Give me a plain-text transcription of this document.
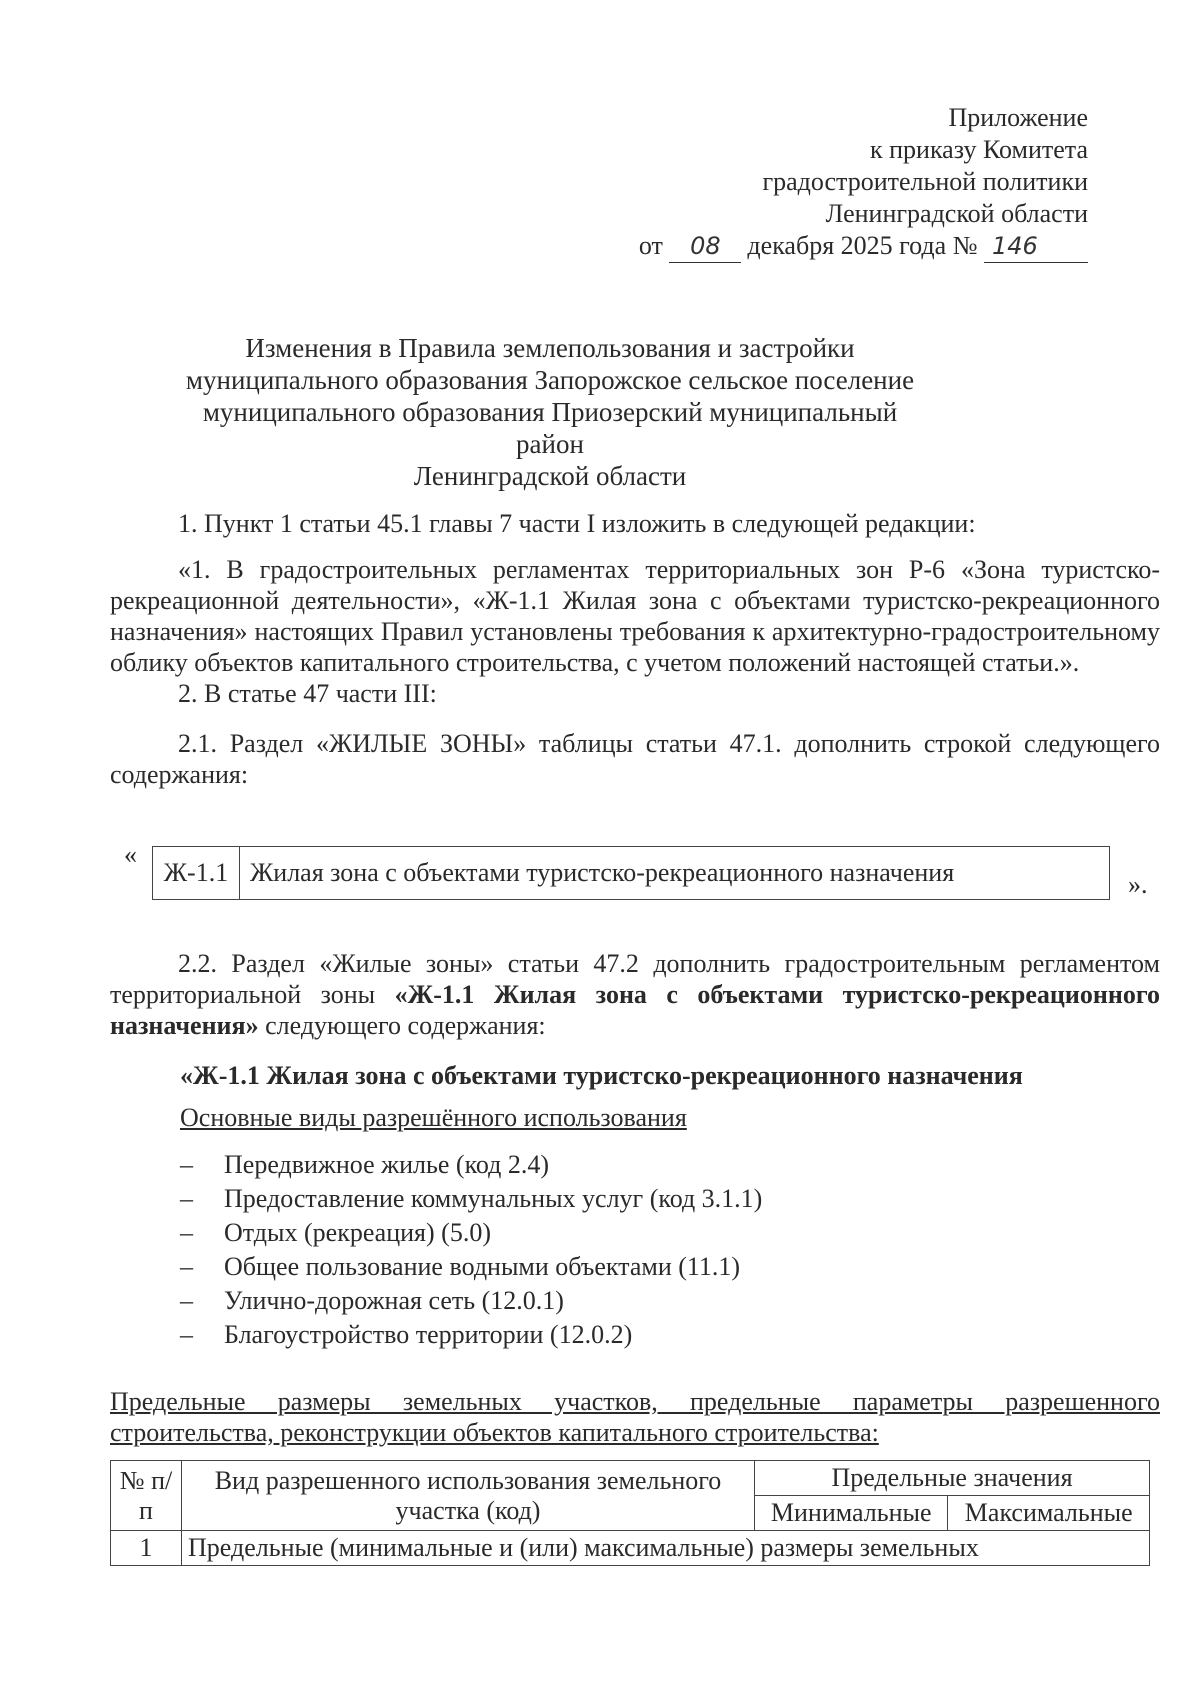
Приложение
к приказу Комитета
градостроительной политики
Ленинградской области
от 08 декабря 2025 года № 146
Изменения в Правила землепользования и застройки
муниципального образования Запорожское сельское поселение
муниципального образования Приозерский муниципальный район
Ленинградской области
1. Пункт 1 статьи 45.1 главы 7 части I изложить в следующей редакции:
«1. В градостроительных регламентах территориальных зон Р-6 «Зона туристско-рекреационной деятельности», «Ж-1.1 Жилая зона с объектами туристско-рекреационного назначения» настоящих Правил установлены требования к архитектурно-градостроительному облику объектов капитального строительства, с учетом положений настоящей статьи.».
2. В статье 47 части III:
2.1. Раздел «ЖИЛЫЕ ЗОНЫ» таблицы статьи 47.1. дополнить строкой следующего содержания:
«
Ж-1.1	Жилая зона с объектами туристско-рекреационного назначения	».
2.2. Раздел «Жилые зоны» статьи 47.2 дополнить градостроительным регламентом территориальной зоны «Ж-1.1 Жилая зона с объектами туристско-рекреационного назначения» следующего содержания:
«Ж-1.1 Жилая зона с объектами туристско-рекреационного назначения
Основные виды разрешённого использования
– Передвижное жилье (код 2.4)
– Предоставление коммунальных услуг (код 3.1.1)
– Отдых (рекреация) (5.0)
– Общее пользование водными объектами (11.1)
– Улично-дорожная сеть (12.0.1)
– Благоустройство территории (12.0.2)
Предельные размеры земельных участков, предельные параметры разрешенного строительства, реконструкции объектов капитального строительства:
№ п/п	Вид разрешенного использования земельного участка (код)	Предельные значения	
		Минимальные	Максимальные
1	Предельные (минимальные и (или) максимальные) размеры земельных		
